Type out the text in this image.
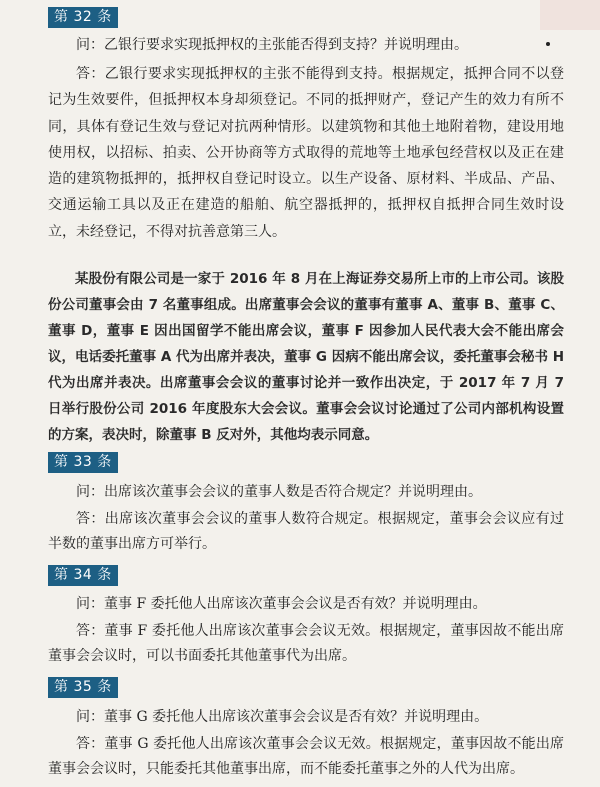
第 32 条

问：乙银行要求实现抵押权的主张能否得到支持？并说明理由。

答：乙银行要求实现抵押权的主张不能得到支持。根据规定，抵押合同不以登记为生效要件，但抵押权本身却须登记。不同的抵押财产，登记产生的效力有所不同，具体有登记生效与登记对抗两种情形。以建筑物和其他土地附着物，建设用地使用权，以招标、拍卖、公开协商等方式取得的荒地等土地承包经营权以及正在建造的建筑物抵押的，抵押权自登记时设立。以生产设备、原材料、半成品、产品、交通运输工具以及正在建造的船舶、航空器抵押的，抵押权自抵押合同生效时设立，未经登记，不得对抗善意第三人。

某股份有限公司是一家于 2016 年 8 月在上海证券交易所上市的上市公司。该股份公司董事会由 7 名董事组成。出席董事会会议的董事有董事 A、董事 B、董事 C、董事 D，董事 E 因出国留学不能出席会议，董事 F 因参加人民代表大会不能出席会议，电话委托董事 A 代为出席并表决，董事 G 因病不能出席会议，委托董事会秘书 H 代为出席并表决。出席董事会会议的董事讨论并一致作出决定，于 2017 年 7 月 7 日举行股份公司 2016 年度股东大会会议。董事会会议讨论通过了公司内部机构设置的方案，表决时，除董事 B 反对外，其他均表示同意。

第 33 条

问：出席该次董事会会议的董事人数是否符合规定？并说明理由。

答：出席该次董事会会议的董事人数符合规定。根据规定，董事会会议应有过半数的董事出席方可举行。

第 34 条

问：董事 F 委托他人出席该次董事会会议是否有效？并说明理由。

答：董事 F 委托他人出席该次董事会会议无效。根据规定，董事因故不能出席董事会会议时，可以书面委托其他董事代为出席。

第 35 条

问：董事 G 委托他人出席该次董事会会议是否有效？并说明理由。

答：董事 G 委托他人出席该次董事会会议无效。根据规定，董事因故不能出席董事会会议时，只能委托其他董事出席，而不能委托董事之外的人代为出席。
